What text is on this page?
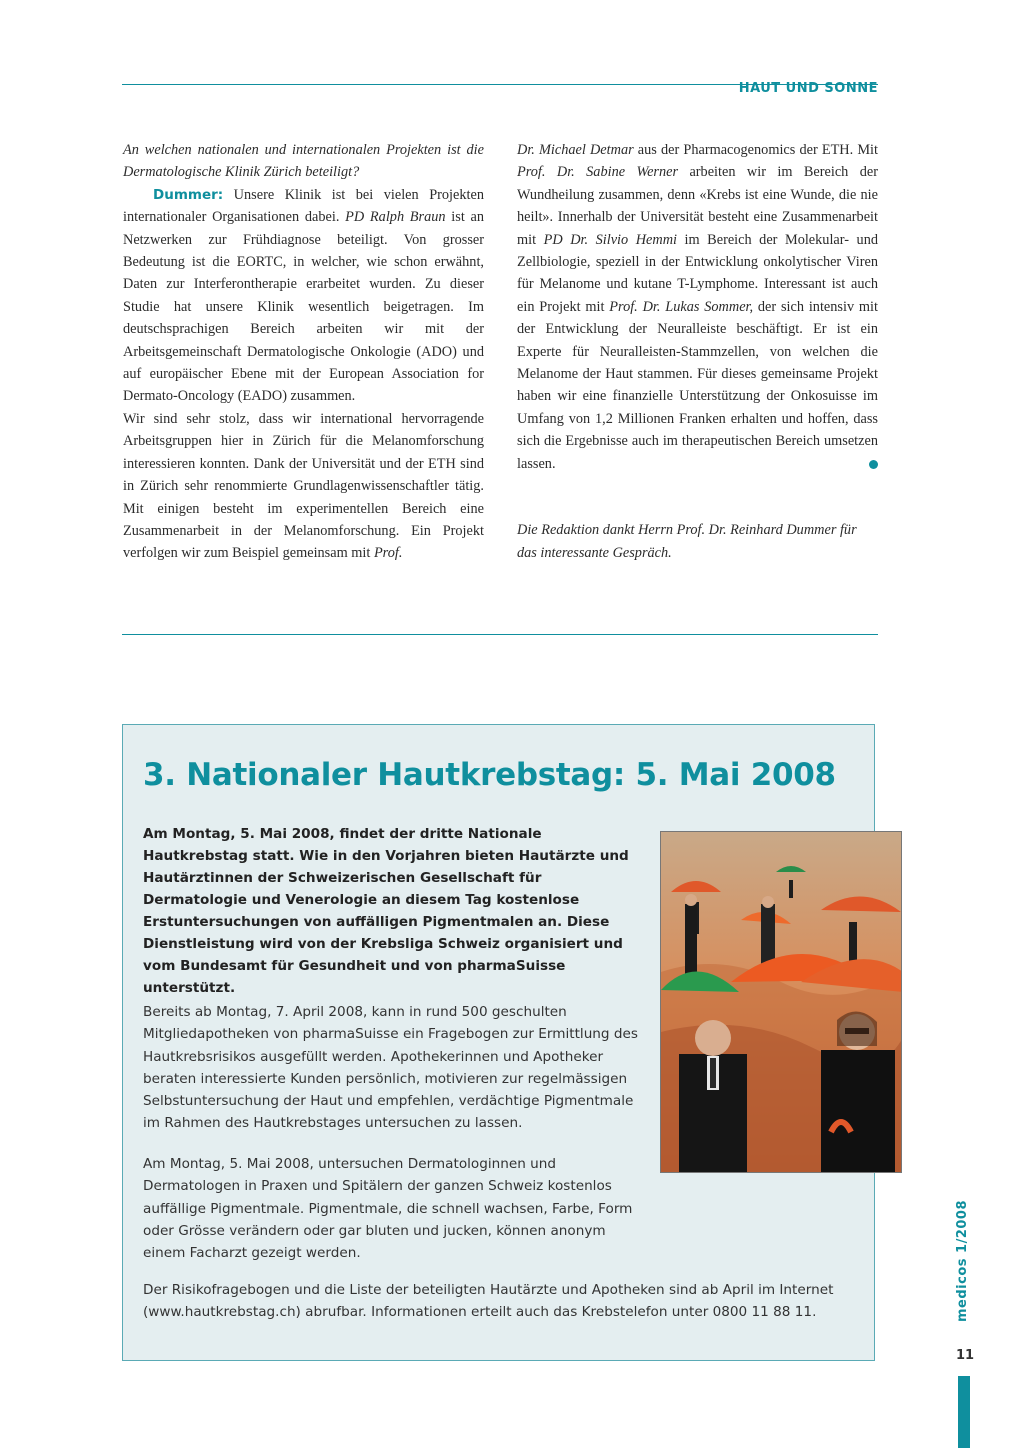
HAUT UND SONNE

An welchen nationalen und internationalen Projekten ist die Dermatologische Klinik Zürich beteiligt?

Dummer: Unsere Klinik ist bei vielen Projekten internationaler Organisationen dabei. PD Ralph Braun ist an Netzwerken zur Frühdiagnose beteiligt. Von grosser Bedeutung ist die EORTC, in welcher, wie schon erwähnt, Daten zur Interferontherapie erarbeitet wurden. Zu dieser Studie hat unsere Klinik wesentlich beigetragen. Im deutschsprachigen Bereich arbeiten wir mit der Arbeitsgemeinschaft Dermatologische Onkologie (ADO) und auf europäischer Ebene mit der European Association for Dermato-Oncology (EADO) zusammen.

Wir sind sehr stolz, dass wir international hervorragende Arbeitsgruppen hier in Zürich für die Melanomforschung interessieren konnten. Dank der Universität und der ETH sind in Zürich sehr renommierte Grundlagenwissenschaftler tätig. Mit einigen besteht im experimentellen Bereich eine Zusammenarbeit in der Melanomforschung. Ein Projekt verfolgen wir zum Beispiel gemeinsam mit Prof.

Dr. Michael Detmar aus der Pharmacogenomics der ETH. Mit Prof. Dr. Sabine Werner arbeiten wir im Bereich der Wundheilung zusammen, denn «Krebs ist eine Wunde, die nie heilt». Innerhalb der Universität besteht eine Zusammenarbeit mit PD Dr. Silvio Hemmi im Bereich der Molekular- und Zellbiologie, speziell in der Entwicklung onkolytischer Viren für Melanome und kutane T-Lymphome. Interessant ist auch ein Projekt mit Prof. Dr. Lukas Sommer, der sich intensiv mit der Entwicklung der Neuralleiste beschäftigt. Er ist ein Experte für Neuralleisten-Stammzellen, von welchen die Melanome der Haut stammen. Für dieses gemeinsame Projekt haben wir eine finanzielle Unterstützung der Onkosuisse im Umfang von 1,2 Millionen Franken erhalten und hoffen, dass sich die Ergebnisse auch im therapeutischen Bereich umsetzen lassen.

Die Redaktion dankt Herrn Prof. Dr. Reinhard Dummer für das interessante Gespräch.

3. Nationaler Hautkrebstag: 5. Mai 2008

Am Montag, 5. Mai 2008, findet der dritte Nationale Hautkrebstag statt. Wie in den Vorjahren bieten Hautärzte und Hautärztinnen der Schweizerischen Gesellschaft für Dermatologie und Venerologie an diesem Tag kostenlose Erstuntersuchungen von auffälligen Pigmentmalen an. Diese Dienstleistung wird von der Krebsliga Schweiz organisiert und vom Bundesamt für Gesundheit und von pharmaSuisse unterstützt.

Bereits ab Montag, 7. April 2008, kann in rund 500 geschulten Mitgliedapotheken von pharmaSuisse ein Fragebogen zur Ermittlung des Hautkrebsrisikos ausgefüllt werden. Apothekerinnen und Apotheker beraten interessierte Kunden persönlich, motivieren zur regelmässigen Selbstuntersuchung der Haut und empfehlen, verdächtige Pigmentmale im Rahmen des Hautkrebstages untersuchen zu lassen.

Am Montag, 5. Mai 2008, untersuchen Dermatologinnen und Dermatologen in Praxen und Spitälern der ganzen Schweiz kostenlos auffällige Pigmentmale. Pigmentmale, die schnell wachsen, Farbe, Form oder Grösse verändern oder gar bluten und jucken, können anonym einem Facharzt gezeigt werden.

Der Risikofragebogen und die Liste der beteiligten Hautärzte und Apotheken sind ab April im Internet (www.hautkrebstag.ch) abrufbar. Informationen erteilt auch das Krebstelefon unter 0800 11 88 11.	medicos 1/2008
11
